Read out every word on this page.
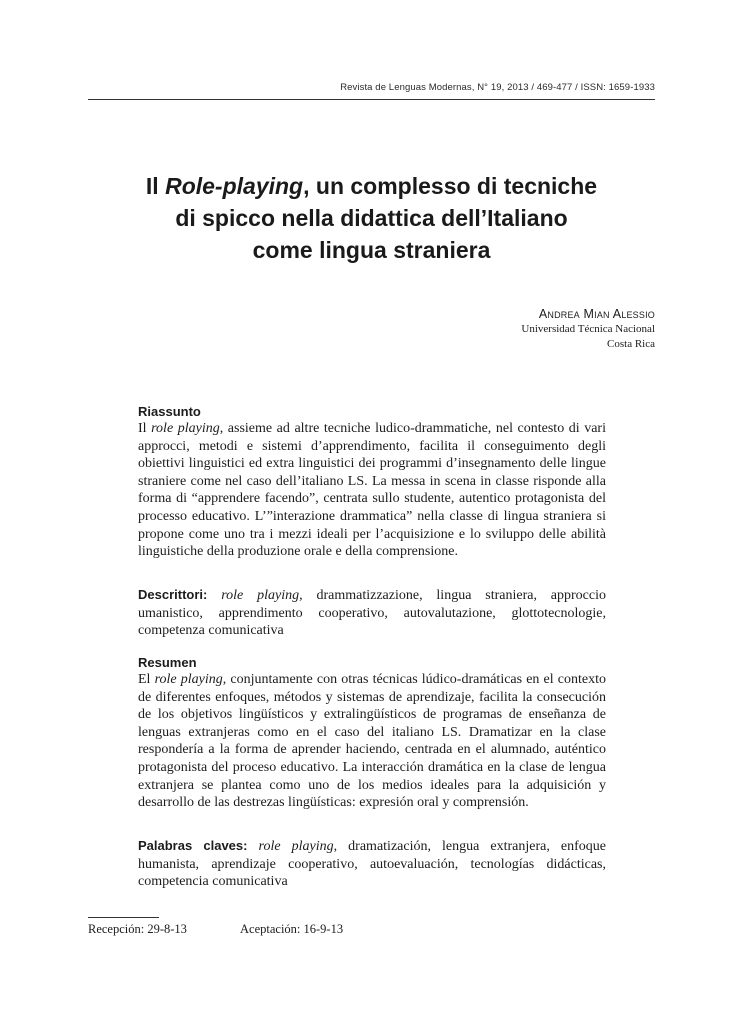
Revista de Lenguas Modernas, N° 19, 2013 / 469-477 / ISSN: 1659-1933
Il Role-playing, un complesso di tecniche
di spicco nella didattica dell’Italiano
come lingua straniera
Andrea Mian Alessio
Universidad Técnica Nacional
Costa Rica
Riassunto
Il role playing, assieme ad altre tecniche ludico-drammatiche, nel contesto di vari approcci, metodi e sistemi d’apprendimento, facilita il conseguimento degli obiettivi linguistici ed extra linguistici dei programmi d’insegnamento delle lingue straniere come nel caso dell’italiano LS. La messa in scena in classe risponde alla forma di “apprendere facendo”, centrata sullo studente, autentico protagonista del processo educativo. L’”interazione drammatica” nella classe di lingua straniera si propone come uno tra i mezzi ideali per l’acquisizione e lo sviluppo delle abilità linguistiche della produzione orale e della comprensione.
Descrittori: role playing, drammatizzazione, lingua straniera, approccio umanistico, apprendimento cooperativo, autovalutazione, glottotecnologie, competenza comunicativa
Resumen
El role playing, conjuntamente con otras técnicas lúdico-dramáticas en el contexto de diferentes enfoques, métodos y sistemas de aprendizaje, facilita la consecución de los objetivos lingüísticos y extralingüísticos de programas de enseñanza de lenguas extranjeras como en el caso del italiano LS. Dramatizar en la clase respondería a la forma de aprender haciendo, centrada en el alumnado, auténtico protagonista del proceso educativo. La interacción dramática en la clase de lengua extranjera se plantea como uno de los medios ideales para la adquisición y desarrollo de las destrezas lingüísticas: expresión oral y comprensión.
Palabras claves: role playing, dramatización, lengua extranjera, enfoque humanista, aprendizaje cooperativo, autoevaluación, tecnologías didácticas, competencia comunicativa
Recepción: 29-8-13	Aceptación: 16-9-13
